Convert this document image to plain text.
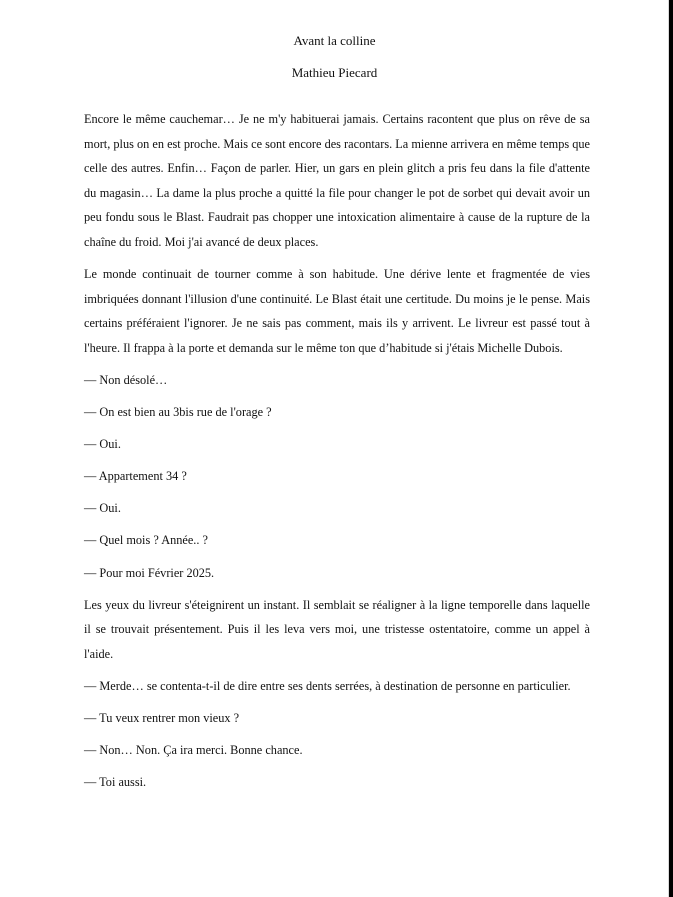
Avant la colline

Mathieu Piecard

Encore le même cauchemar… Je ne m'y habituerai jamais. Certains racontent que plus on rêve de sa mort, plus on en est proche. Mais ce sont encore des racontars. La mienne arrivera en même temps que celle des autres. Enfin… Façon de parler. Hier, un gars en plein glitch a pris feu dans la file d'attente du magasin… La dame la plus proche a quitté la file pour changer le pot de sorbet qui devait avoir un peu fondu sous le Blast. Faudrait pas chopper une intoxication alimentaire à cause de la rupture de la chaîne du froid. Moi j'ai avancé de deux places.

Le monde continuait de tourner comme à son habitude. Une dérive lente et fragmentée de vies imbriquées donnant l'illusion d'une continuité. Le Blast était une certitude. Du moins je le pense. Mais certains préféraient l'ignorer. Je ne sais pas comment, mais ils y arrivent. Le livreur est passé tout à l'heure. Il frappa à la porte et demanda sur le même ton que d’habitude si j'étais Michelle Dubois.

— Non désolé…

— On est bien au 3bis rue de l'orage ?

— Oui.

— Appartement 34 ?

— Oui.

— Quel mois ? Année.. ?

— Pour moi Février 2025.

Les yeux du livreur s'éteignirent un instant. Il semblait se réaligner à la ligne temporelle dans laquelle il se trouvait présentement. Puis il les leva vers moi, une tristesse ostentatoire, comme un appel à l'aide.

— Merde… se contenta-t-il de dire entre ses dents serrées, à destination de personne en particulier.

— Tu veux rentrer mon vieux ?

— Non… Non. Ça ira merci. Bonne chance.

— Toi aussi.
